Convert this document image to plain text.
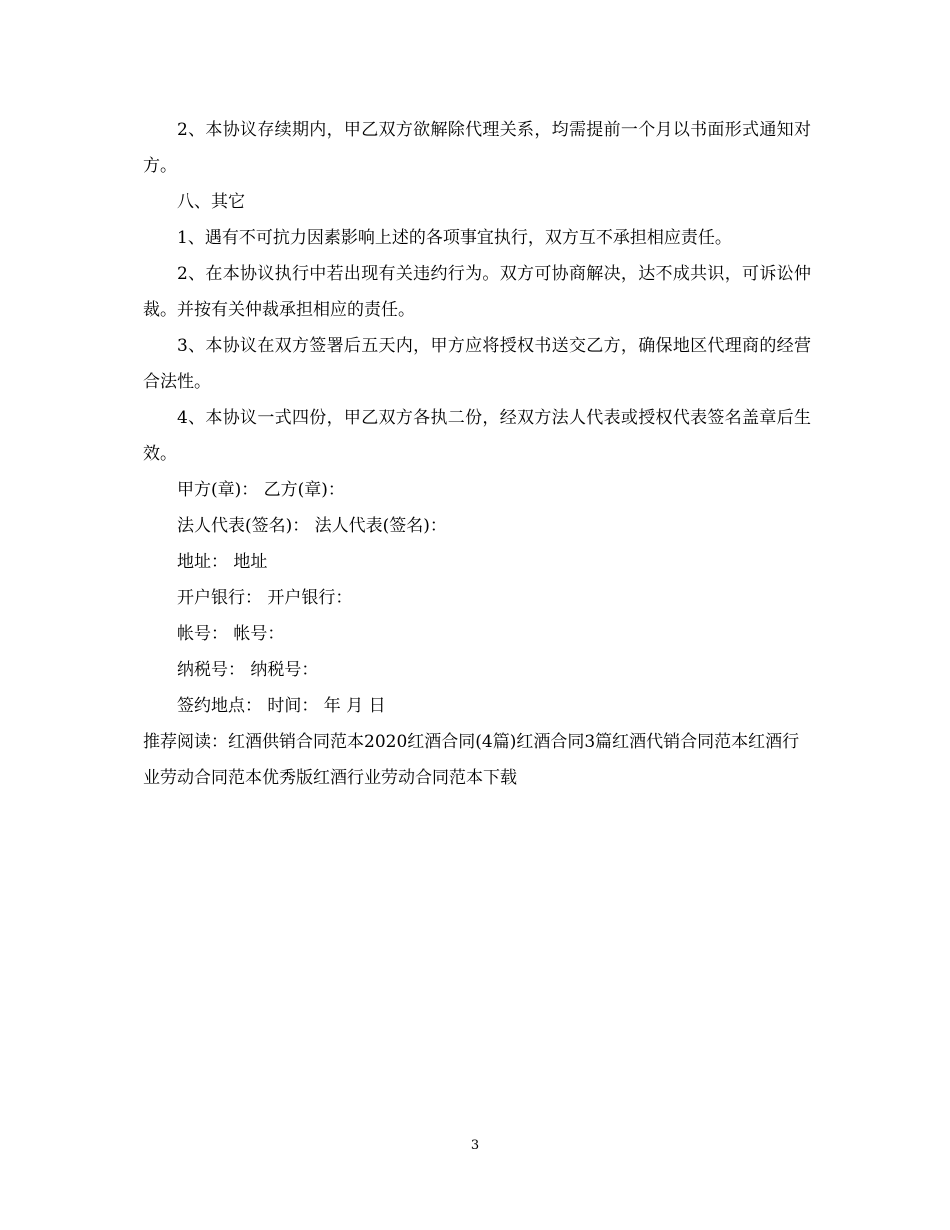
2、本协议存续期内，甲乙双方欲解除代理关系，均需提前一个月以书面形式通知对方。

八、其它

1、遇有不可抗力因素影响上述的各项事宜执行，双方互不承担相应责任。

2、在本协议执行中若出现有关违约行为。双方可协商解决，达不成共识，可诉讼仲裁。并按有关仲裁承担相应的责任。

3、本协议在双方签署后五天内，甲方应将授权书送交乙方，确保地区代理商的经营合法性。

4、本协议一式四份，甲乙双方各执二份，经双方法人代表或授权代表签名盖章后生效。

甲方(章)： 乙方(章)：

法人代表(签名)： 法人代表(签名)：

地址： 地址

开户银行： 开户银行：

帐号： 帐号：

纳税号： 纳税号：

签约地点： 时间： 年 月 日

推荐阅读：红酒供销合同范本2020红酒合同(4篇)红酒合同3篇红酒代销合同范本红酒行业劳动合同范本优秀版红酒行业劳动合同范本下载

3
